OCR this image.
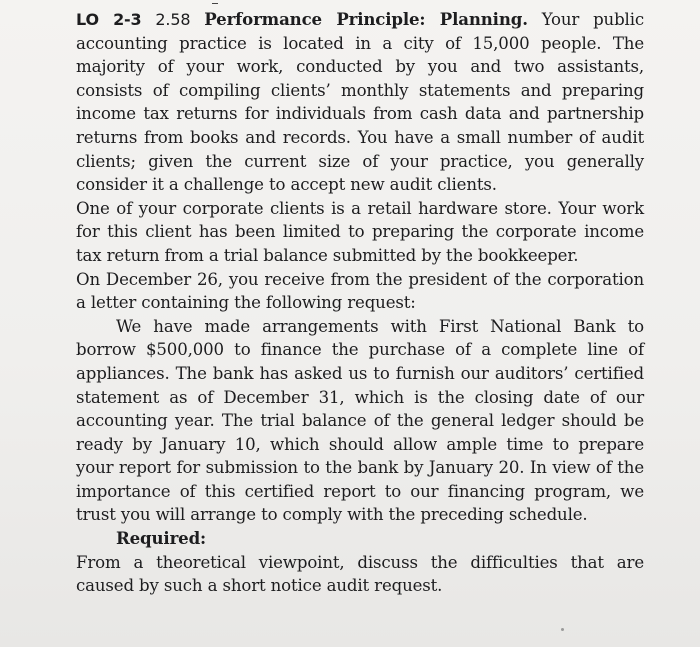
LO 2-3 2.58 Performance Principle: Planning. Your public accounting practice is located in a city of 15,000 people. The majority of your work, conducted by you and two assistants, consists of compiling clients’ monthly statements and preparing income tax returns for individuals from cash data and partnership returns from books and records. You have a small number of audit clients; given the current size of your practice, you generally consider it a challenge to accept new audit clients.

One of your corporate clients is a retail hardware store. Your work for this client has been limited to preparing the corporate income tax return from a trial balance submitted by the bookkeeper.

On December 26, you receive from the president of the corporation a letter containing the following request:

We have made arrangements with First National Bank to borrow $500,000 to finance the purchase of a complete line of appliances. The bank has asked us to furnish our auditors’ certified statement as of December 31, which is the closing date of our accounting year. The trial balance of the general ledger should be ready by January 10, which should allow ample time to prepare your report for submission to the bank by January 20. In view of the importance of this certified report to our financing program, we trust you will arrange to comply with the preceding schedule.

Required:

From a theoretical viewpoint, discuss the difficulties that are caused by such a short notice audit request.
